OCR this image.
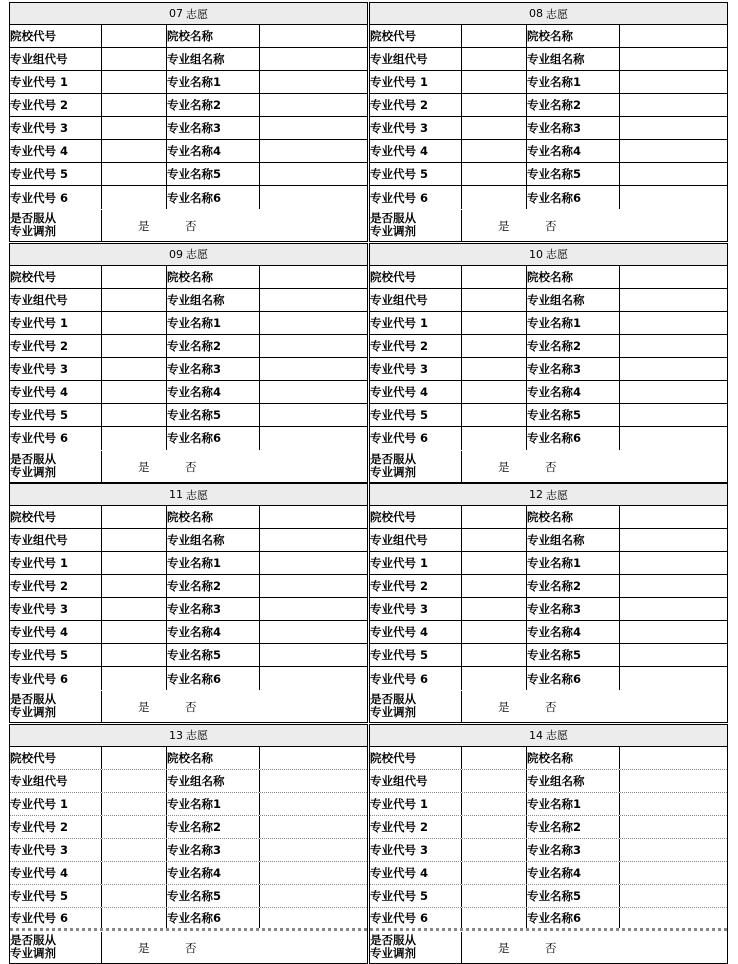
07 志愿
院校代号	院校名称
专业组代号	专业组名称
专业代号 1	专业名称1
专业代号 2	专业名称2
专业代号 3	专业名称3
专业代号 4	专业名称4
专业代号 5	专业名称5
专业代号 6	专业名称6
是否服从
专业调剂	是	否
08 志愿
院校代号	院校名称
专业组代号	专业组名称
专业代号 1	专业名称1
专业代号 2	专业名称2
专业代号 3	专业名称3
专业代号 4	专业名称4
专业代号 5	专业名称5
专业代号 6	专业名称6
是否服从
专业调剂	是	否
09 志愿
院校代号	院校名称
专业组代号	专业组名称
专业代号 1	专业名称1
专业代号 2	专业名称2
专业代号 3	专业名称3
专业代号 4	专业名称4
专业代号 5	专业名称5
专业代号 6	专业名称6
是否服从
专业调剂	是	否
10 志愿
院校代号	院校名称
专业组代号	专业组名称
专业代号 1	专业名称1
专业代号 2	专业名称2
专业代号 3	专业名称3
专业代号 4	专业名称4
专业代号 5	专业名称5
专业代号 6	专业名称6
是否服从
专业调剂	是	否
11 志愿
院校代号	院校名称
专业组代号	专业组名称
专业代号 1	专业名称1
专业代号 2	专业名称2
专业代号 3	专业名称3
专业代号 4	专业名称4
专业代号 5	专业名称5
专业代号 6	专业名称6
是否服从
专业调剂	是	否
12 志愿
院校代号	院校名称
专业组代号	专业组名称
专业代号 1	专业名称1
专业代号 2	专业名称2
专业代号 3	专业名称3
专业代号 4	专业名称4
专业代号 5	专业名称5
专业代号 6	专业名称6
是否服从
专业调剂	是	否
13 志愿
院校代号	院校名称
专业组代号	专业组名称
专业代号 1	专业名称1
专业代号 2	专业名称2
专业代号 3	专业名称3
专业代号 4	专业名称4
专业代号 5	专业名称5
专业代号 6	专业名称6
是否服从
专业调剂	是	否
14 志愿
院校代号	院校名称
专业组代号	专业组名称
专业代号 1	专业名称1
专业代号 2	专业名称2
专业代号 3	专业名称3
专业代号 4	专业名称4
专业代号 5	专业名称5
专业代号 6	专业名称6
是否服从
专业调剂	是	否
